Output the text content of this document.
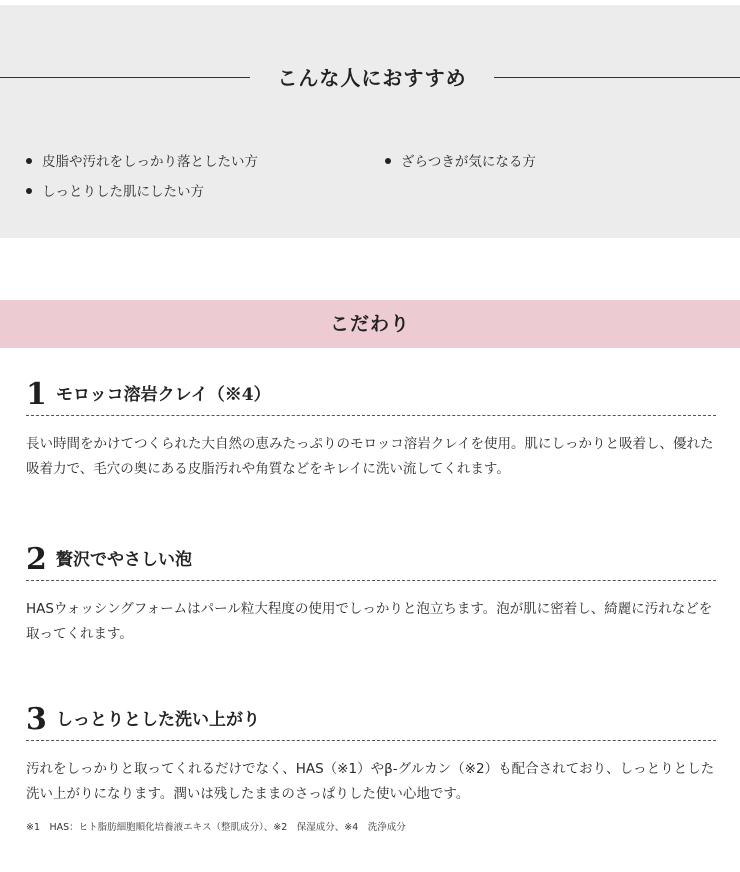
こんな人におすすめ
皮脂や汚れをしっかり落としたい方	ざらつきが気になる方
しっとりした肌にしたい方
こだわり
1 モロッコ溶岩クレイ（※4）
長い時間をかけてつくられた大自然の恵みたっぷりのモロッコ溶岩クレイを使用。肌にしっかりと吸着し、優れた吸着力で、毛穴の奥にある皮脂汚れや角質などをキレイに洗い流してくれます。
2 贅沢でやさしい泡
HASウォッシングフォームはパール粒大程度の使用でしっかりと泡立ちます。泡が肌に密着し、綺麗に汚れなどを取ってくれます。
3 しっとりとした洗い上がり
汚れをしっかりと取ってくれるだけでなく、HAS（※1）やβ-グルカン（※2）も配合されており、しっとりとした洗い上がりになります。潤いは残したままのさっぱりした使い心地です。
※1　HAS：ヒト脂肪細胞順化培養液エキス（整肌成分）、※2　保湿成分、※4　洗浄成分
